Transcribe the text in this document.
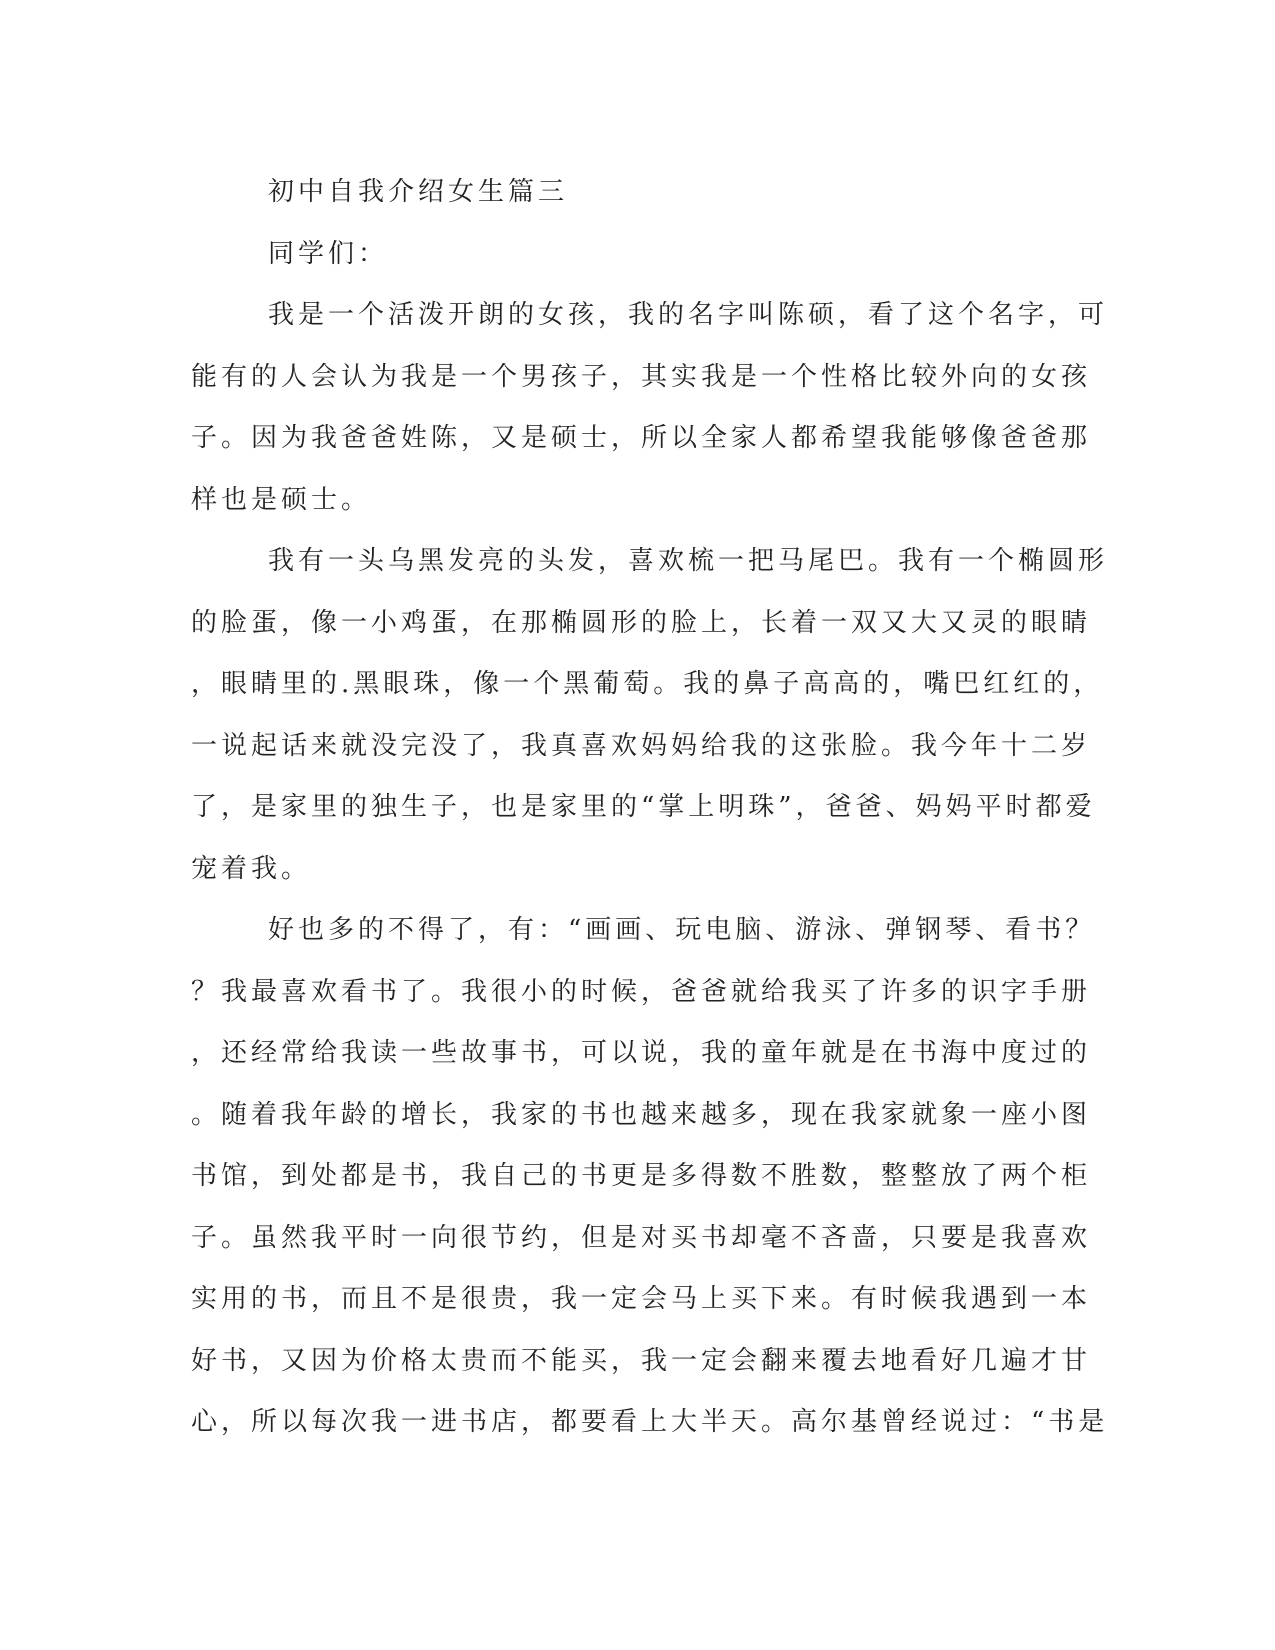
初中自我介绍女生篇三
同学们：
我是一个活泼开朗的女孩，我的名字叫陈硕，看了这个名字，可
能有的人会认为我是一个男孩子，其实我是一个性格比较外向的女孩
子。因为我爸爸姓陈，又是硕士，所以全家人都希望我能够像爸爸那
样也是硕士。
我有一头乌黑发亮的头发，喜欢梳一把马尾巴。我有一个椭圆形
的脸蛋，像一小鸡蛋，在那椭圆形的脸上，长着一双又大又灵的眼睛
，眼睛里的.黑眼珠，像一个黑葡萄。我的鼻子高高的，嘴巴红红的，
一说起话来就没完没了，我真喜欢妈妈给我的这张脸。我今年十二岁
了，是家里的独生子，也是家里的“掌上明珠”，爸爸、妈妈平时都爱
宠着我。
好也多的不得了，有：“画画、玩电脑、游泳、弹钢琴、看书？
？我最喜欢看书了。我很小的时候，爸爸就给我买了许多的识字手册
，还经常给我读一些故事书，可以说，我的童年就是在书海中度过的
。随着我年龄的增长，我家的书也越来越多，现在我家就象一座小图
书馆，到处都是书，我自己的书更是多得数不胜数，整整放了两个柜
子。虽然我平时一向很节约，但是对买书却毫不吝啬，只要是我喜欢
实用的书，而且不是很贵，我一定会马上买下来。有时候我遇到一本
好书，又因为价格太贵而不能买，我一定会翻来覆去地看好几遍才甘
心，所以每次我一进书店，都要看上大半天。高尔基曾经说过：“书是
